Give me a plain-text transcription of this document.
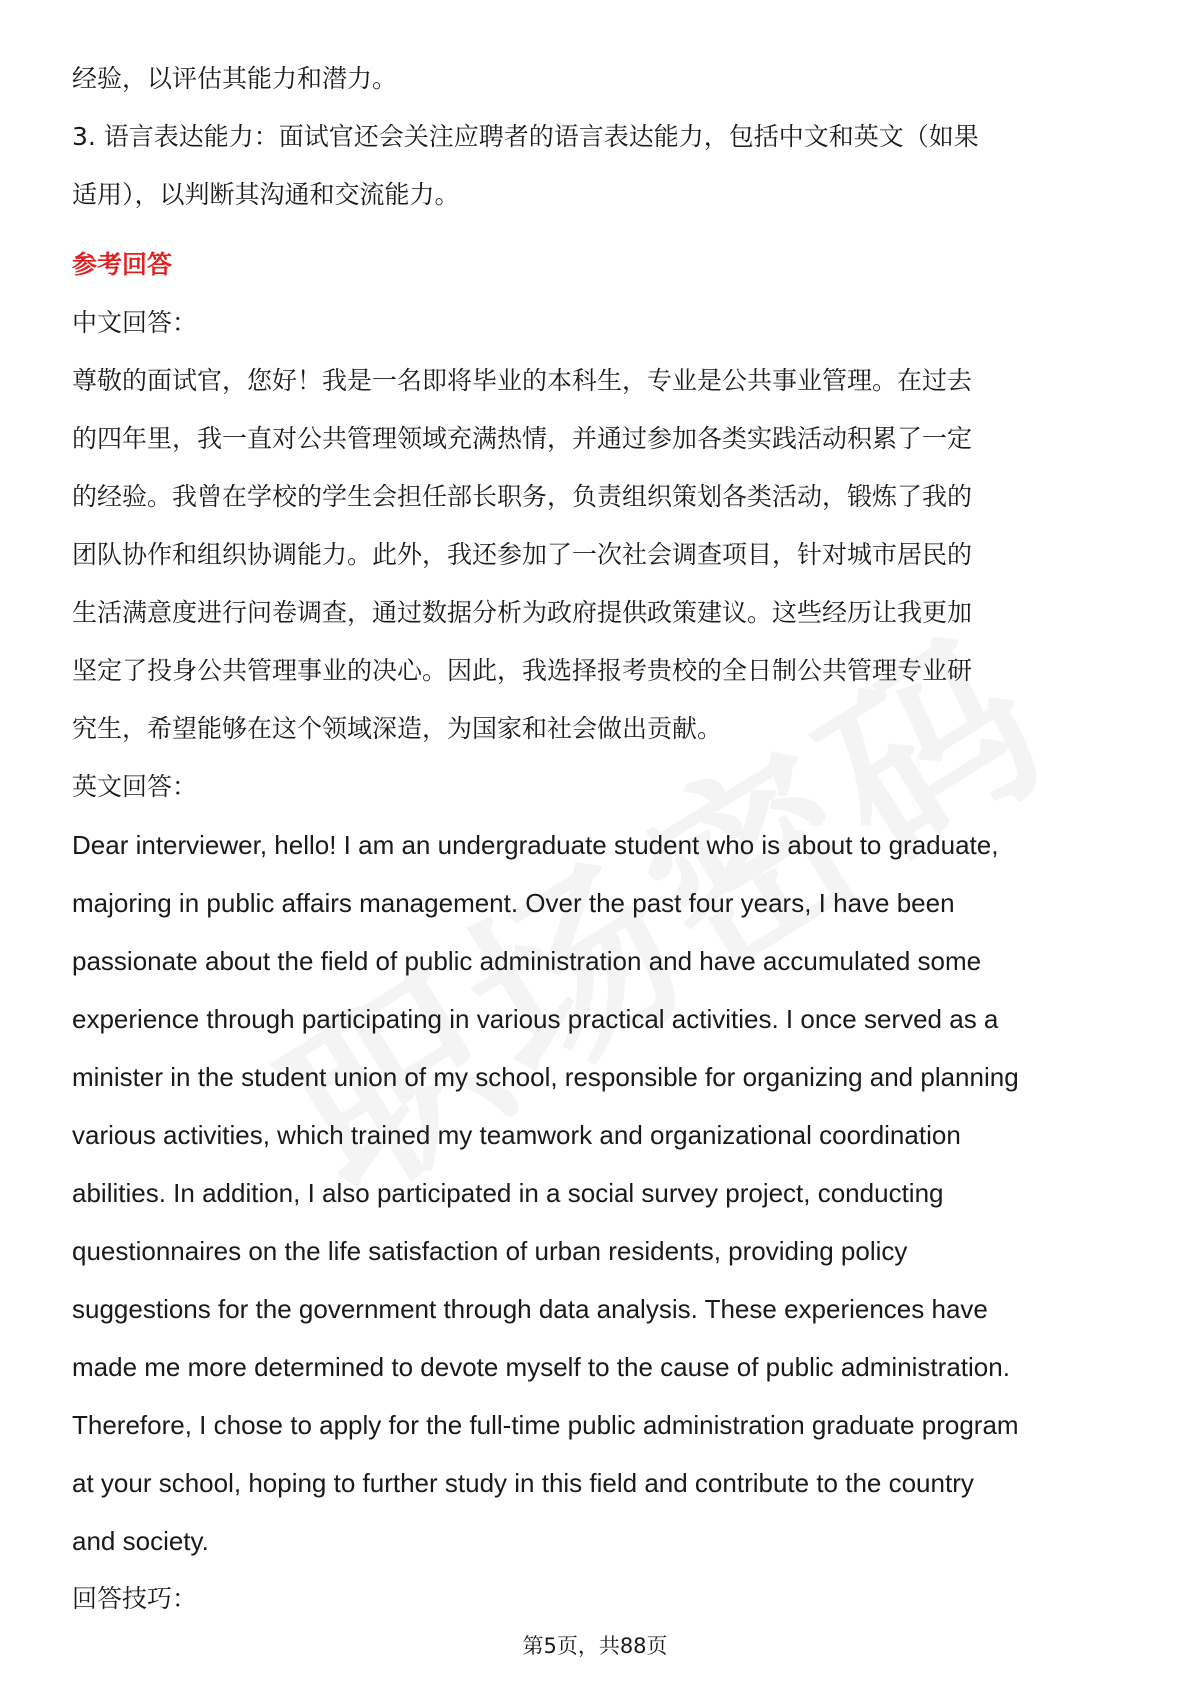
经验，以评估其能力和潜力。

3. 语言表达能力：面试官还会关注应聘者的语言表达能力，包括中文和英文（如果

适用），以判断其沟通和交流能力。

参考回答

中文回答：

尊敬的面试官，您好！我是一名即将毕业的本科生，专业是公共事业管理。在过去

的四年里，我一直对公共管理领域充满热情，并通过参加各类实践活动积累了一定

的经验。我曾在学校的学生会担任部长职务，负责组织策划各类活动，锻炼了我的

团队协作和组织协调能力。此外，我还参加了一次社会调查项目，针对城市居民的

生活满意度进行问卷调查，通过数据分析为政府提供政策建议。这些经历让我更加

坚定了投身公共管理事业的决心。因此，我选择报考贵校的全日制公共管理专业研

究生，希望能够在这个领域深造，为国家和社会做出贡献。

英文回答：

Dear interviewer, hello! I am an undergraduate student who is about to graduate,

majoring in public affairs management. Over the past four years, I have been

passionate about the field of public administration and have accumulated some

experience through participating in various practical activities. I once served as a

minister in the student union of my school, responsible for organizing and planning

various activities, which trained my teamwork and organizational coordination

abilities. In addition, I also participated in a social survey project, conducting

questionnaires on the life satisfaction of urban residents, providing policy

suggestions for the government through data analysis. These experiences have

made me more determined to devote myself to the cause of public administration.

Therefore, I chose to apply for the full-time public administration graduate program

at your school, hoping to further study in this field and contribute to the country

and society.

回答技巧：

第5页，共88页
